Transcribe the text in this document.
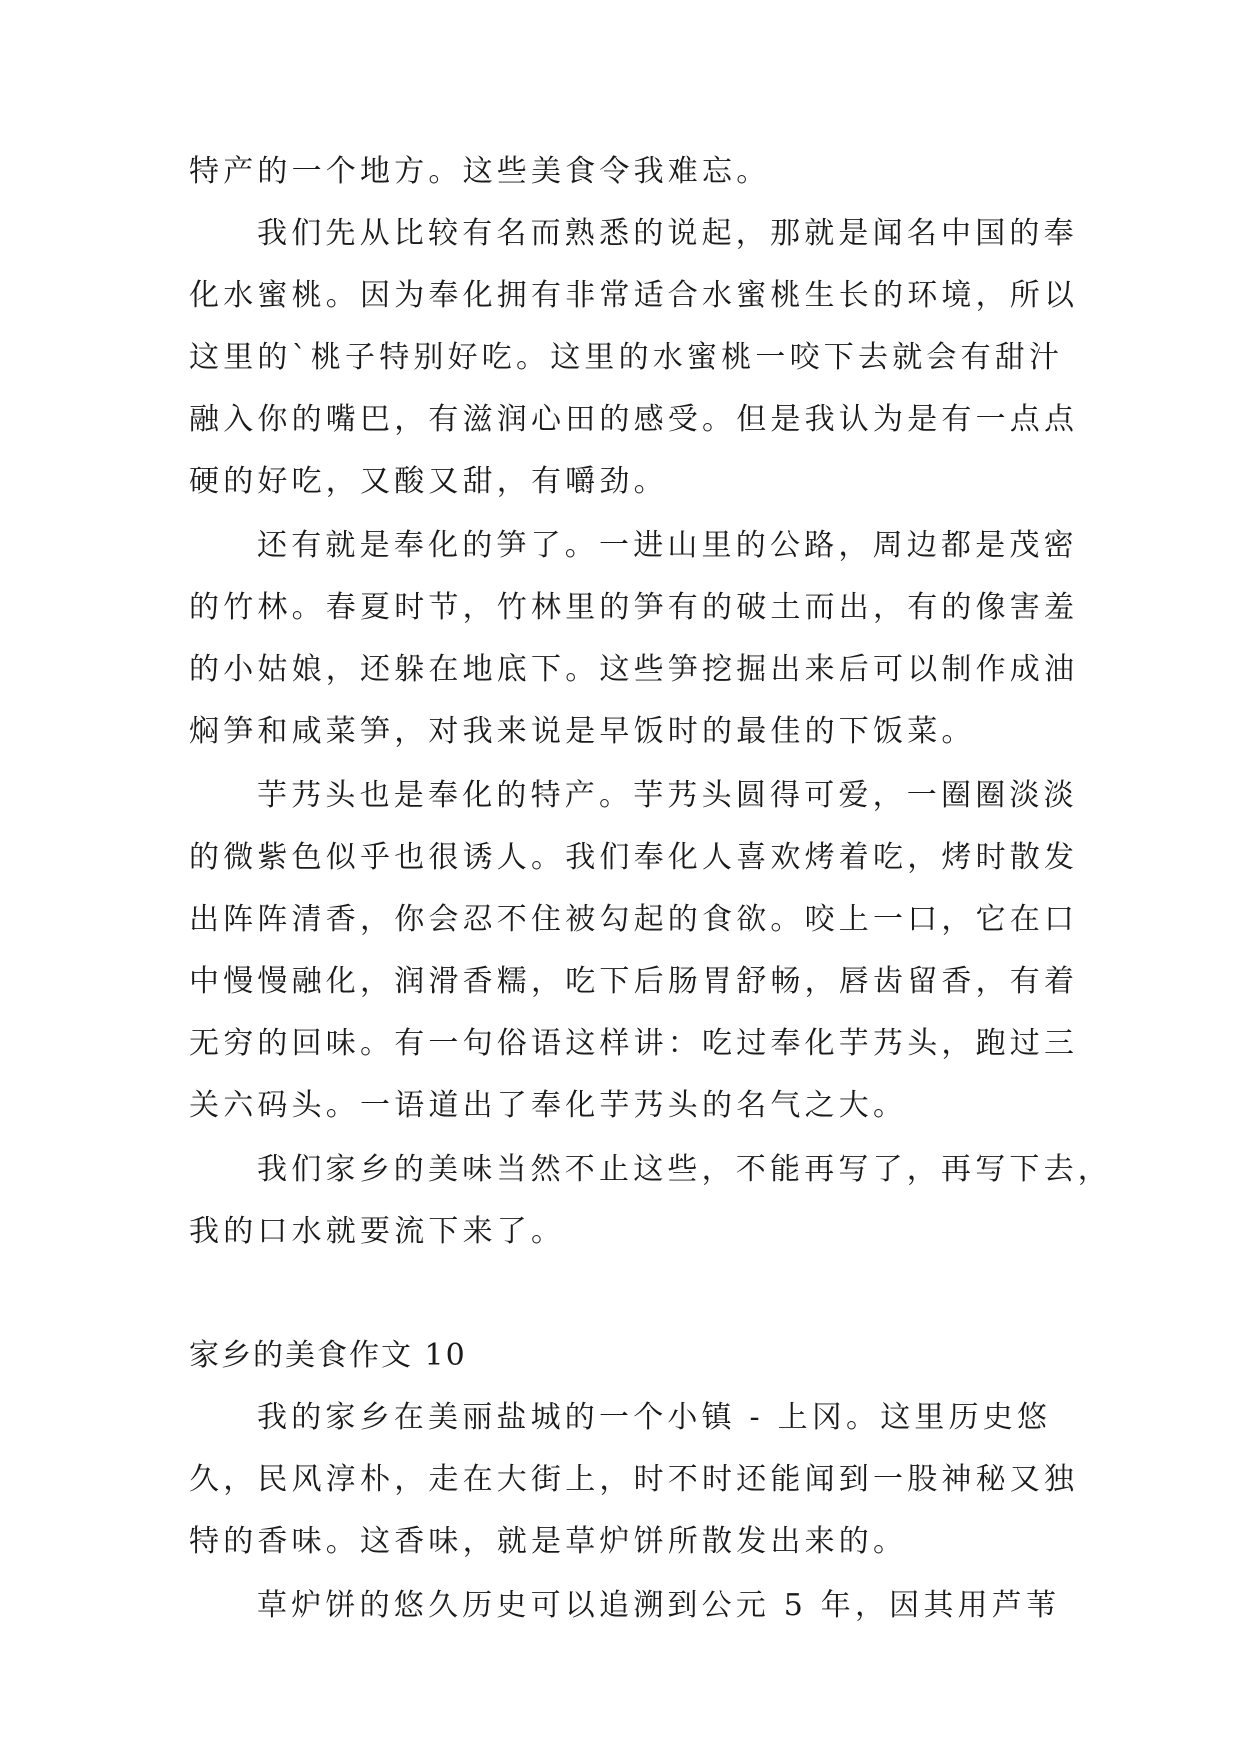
特产的一个地方。这些美食令我难忘。
我们先从比较有名而熟悉的说起，那就是闻名中国的奉
化水蜜桃。因为奉化拥有非常适合水蜜桃生长的环境，所以
这里的`桃子特别好吃。这里的水蜜桃一咬下去就会有甜汁
融入你的嘴巴，有滋润心田的感受。但是我认为是有一点点
硬的好吃，又酸又甜，有嚼劲。
还有就是奉化的笋了。一进山里的公路，周边都是茂密
的竹林。春夏时节，竹林里的笋有的破土而出，有的像害羞
的小姑娘，还躲在地底下。这些笋挖掘出来后可以制作成油
焖笋和咸菜笋，对我来说是早饭时的最佳的下饭菜。
芋艿头也是奉化的特产。芋艿头圆得可爱，一圈圈淡淡
的微紫色似乎也很诱人。我们奉化人喜欢烤着吃，烤时散发
出阵阵清香，你会忍不住被勾起的食欲。咬上一口，它在口
中慢慢融化，润滑香糯，吃下后肠胃舒畅，唇齿留香，有着
无穷的回味。有一句俗语这样讲：吃过奉化芋艿头，跑过三
关六码头。一语道出了奉化芋艿头的名气之大。
我们家乡的美味当然不止这些，不能再写了，再写下去，
我的口水就要流下来了。
家乡的美食作文 10
我的家乡在美丽盐城的一个小镇 - 上冈。这里历史悠
久，民风淳朴，走在大街上，时不时还能闻到一股神秘又独
特的香味。这香味，就是草炉饼所散发出来的。
草炉饼的悠久历史可以追溯到公元 5 年，因其用芦苇
